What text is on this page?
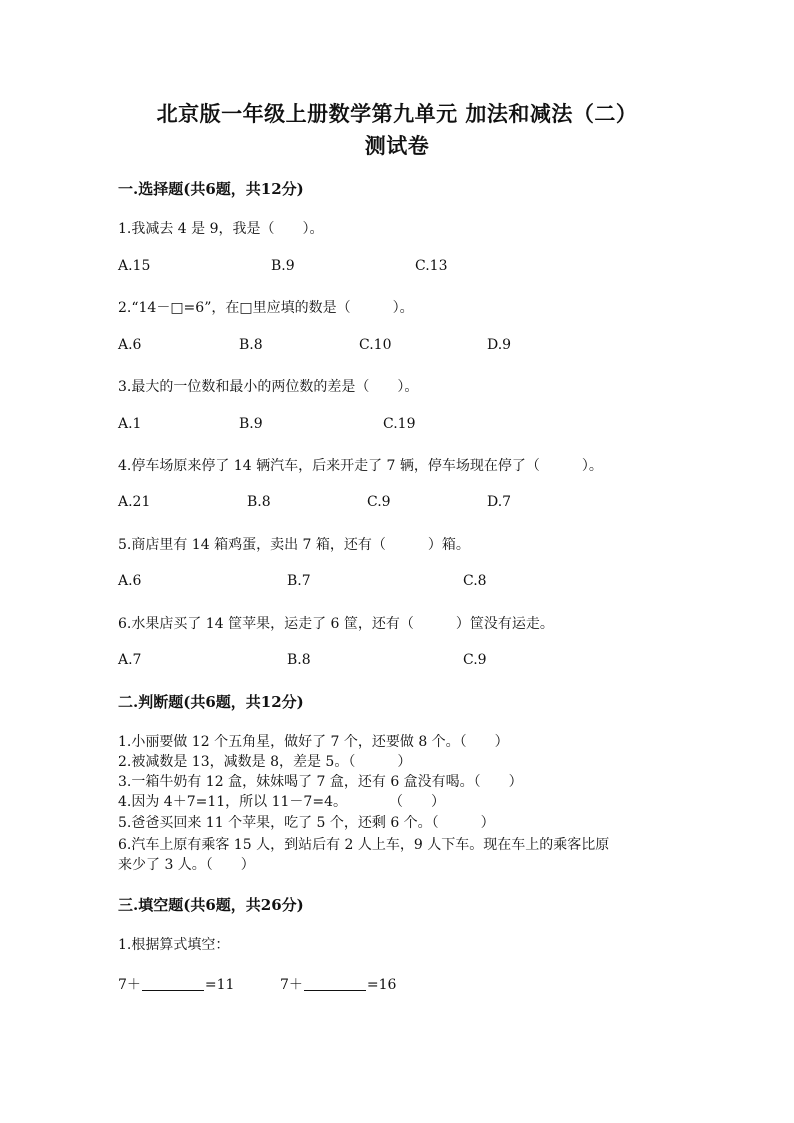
北京版一年级上册数学第九单元 加法和减法（二）
测试卷
一.选择题(共6题，共12分)
1.我减去 4 是 9，我是（　　）。
A.15	B.9	C.13
2.“14－□=6”，在□里应填的数是（　　　）。
A.6	B.8	C.10	D.9
3.最大的一位数和最小的两位数的差是（　　）。
A.1	B.9	C.19
4.停车场原来停了 14 辆汽车，后来开走了 7 辆，停车场现在停了（　　　）。
A.21	B.8	C.9	D.7
5.商店里有 14 箱鸡蛋，卖出 7 箱，还有（　　　）箱。
A.6	B.7	C.8
6.水果店买了 14 筐苹果，运走了 6 筐，还有（　　　）筐没有运走。
A.7	B.8	C.9
二.判断题(共6题，共12分)
1.小丽要做 12 个五角星，做好了 7 个，还要做 8 个。（　　）
2.被减数是 13，减数是 8，差是 5。（　　　）
3.一箱牛奶有 12 盒，妹妹喝了 7 盒，还有 6 盒没有喝。（　　）
4.因为 4＋7=11，所以 11－7=4。　　　　（　　）
5.爸爸买回来 11 个苹果，吃了 5 个，还剩 6 个。（　　　）
6.汽车上原有乘客 15 人，到站后有 2 人上车，9 人下车。现在车上的乘客比原
来少了 3 人。（　　）
三.填空题(共6题，共26分)
1.根据算式填空：
7＋	=11	7＋	=16
